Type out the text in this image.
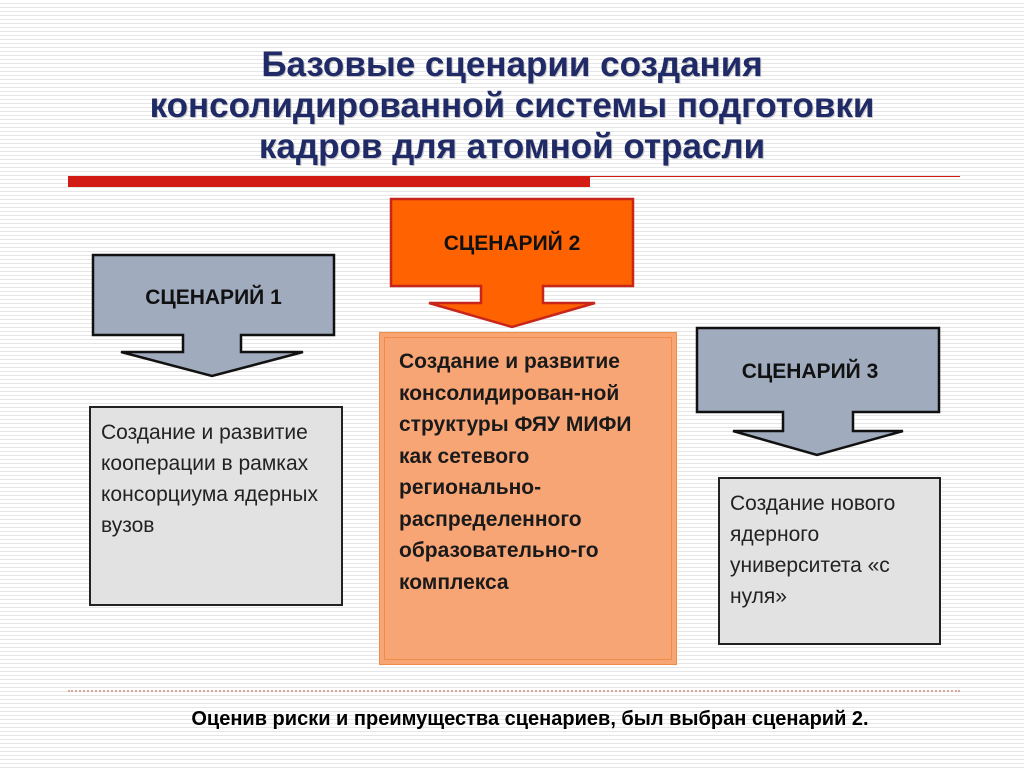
Базовые сценарии создания
консолидированной системы подготовки
кадров для атомной отрасли
СЦЕНАРИЙ 1
СЦЕНАРИЙ 2
СЦЕНАРИЙ 3
Создание и развитие кооперации в рамках консорциума ядерных вузов
Создание и развитие консолидирован-ной структуры ФЯУ МИФИ как сетевого регионально-распределенного образовательно-го комплекса
Создание нового ядерного университета «с нуля»
Оценив риски и преимущества сценариев, был выбран сценарий 2.
